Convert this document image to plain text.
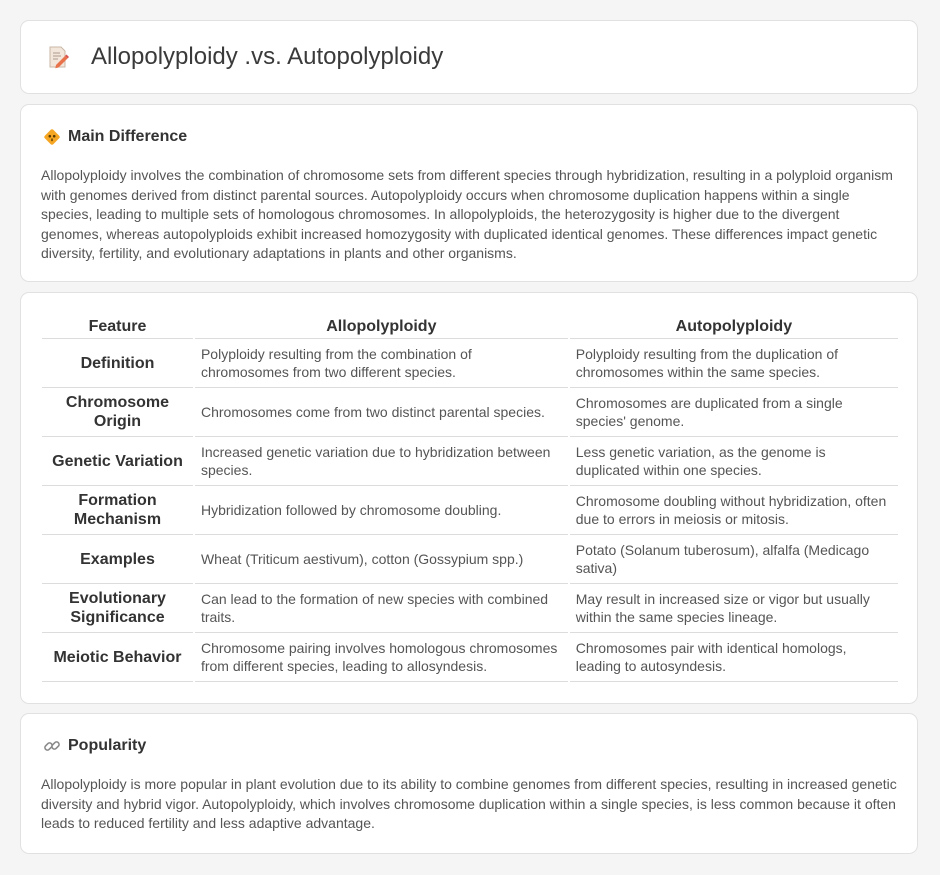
Allopolyploidy .vs. Autopolyploidy
Main Difference

Allopolyploidy involves the combination of chromosome sets from different species through hybridization, resulting in a polyploid organism with genomes derived from distinct parental sources. Autopolyploidy occurs when chromosome duplication happens within a single species, leading to multiple sets of homologous chromosomes. In allopolyploids, the heterozygosity is higher due to the divergent genomes, whereas autopolyploids exhibit increased homozygosity with duplicated identical genomes. These differences impact genetic diversity, fertility, and evolutionary adaptations in plants and other organisms.

Feature	Allopolyploidy	Autopolyploidy
Definition	Polyploidy resulting from the combination of chromosomes from two different species.	Polyploidy resulting from the duplication of chromosomes within the same species.
Chromosome Origin	Chromosomes come from two distinct parental species.	Chromosomes are duplicated from a single species' genome.
Genetic Variation	Increased genetic variation due to hybridization between species.	Less genetic variation, as the genome is duplicated within one species.
Formation Mechanism	Hybridization followed by chromosome doubling.	Chromosome doubling without hybridization, often due to errors in meiosis or mitosis.
Examples	Wheat (Triticum aestivum), cotton (Gossypium spp.)	Potato (Solanum tuberosum), alfalfa (Medicago sativa)
Evolutionary Significance	Can lead to the formation of new species with combined traits.	May result in increased size or vigor but usually within the same species lineage.
Meiotic Behavior	Chromosome pairing involves homologous chromosomes from different species, leading to allosyndesis.	Chromosomes pair with identical homologs, leading to autosyndesis.
Popularity

Allopolyploidy is more popular in plant evolution due to its ability to combine genomes from different species, resulting in increased genetic diversity and hybrid vigor. Autopolyploidy, which involves chromosome duplication within a single species, is less common because it often leads to reduced fertility and less adaptive advantage.
